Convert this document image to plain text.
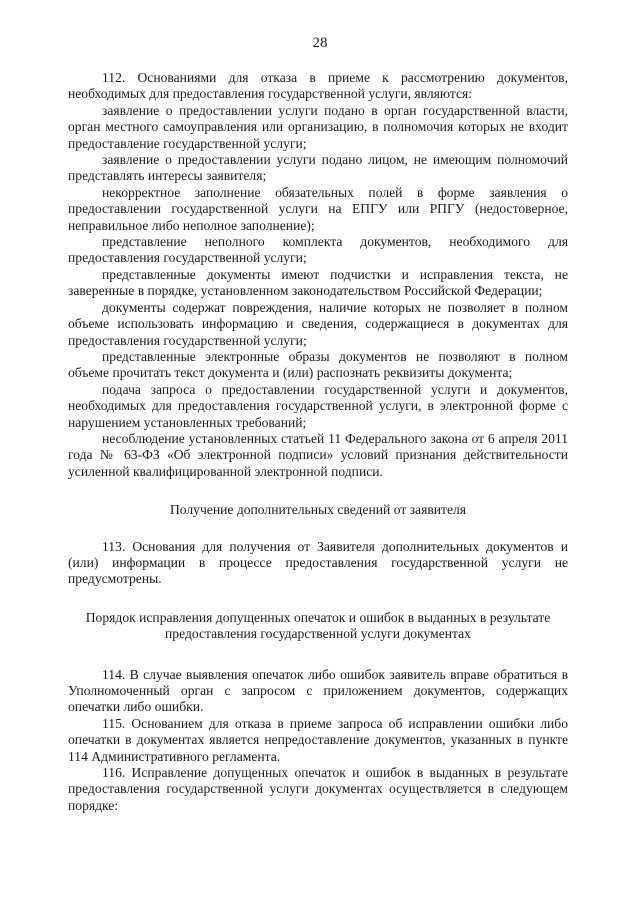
28

112. Основаниями для отказа в приеме к рассмотрению документов, необходимых для предоставления государственной услуги, являются:

заявление о предоставлении услуги подано в орган государственной власти, орган местного самоуправления или организацию, в полномочия которых не входит предоставление государственной услуги;

заявление о предоставлении услуги подано лицом, не имеющим полномочий представлять интересы заявителя;

некорректное заполнение обязательных полей в форме заявления о предоставлении государственной услуги на ЕПГУ или РПГУ (недостоверное, неправильное либо неполное заполнение);

представление неполного комплекта документов, необходимого для предоставления государственной услуги;

представленные документы имеют подчистки и исправления текста, не заверенные в порядке, установленном законодательством Российской Федерации;

документы содержат повреждения, наличие которых не позволяет в полном объеме использовать информацию и сведения, содержащиеся в документах для предоставления государственной услуги;

представленные электронные образы документов не позволяют в полном объеме прочитать текст документа и (или) распознать реквизиты документа;

подача запроса о предоставлении государственной услуги и документов, необходимых для предоставления государственной услуги, в электронной форме с нарушением установленных требований;

несоблюдение установленных статьей 11 Федерального закона от 6 апреля 2011 года № 63-ФЗ «Об электронной подписи» условий признания действительности усиленной квалифицированной электронной подписи.

Получение дополнительных сведений от заявителя

113. Основания для получения от Заявителя дополнительных документов и (или) информации в процессе предоставления государственной услуги не предусмотрены.

Порядок исправления допущенных опечаток и ошибок в выданных в результате

предоставления государственной услуги документах

114. В случае выявления опечаток либо ошибок заявитель вправе обратиться в Уполномоченный орган с запросом с приложением документов, содержащих опечатки либо ошибки.

115. Основанием для отказа в приеме запроса об исправлении ошибки либо опечатки в документах является непредоставление документов, указанных в пункте 114 Административного регламента.

116. Исправление допущенных опечаток и ошибок в выданных в результате предоставления государственной услуги документах осуществляется в следующем порядке:
